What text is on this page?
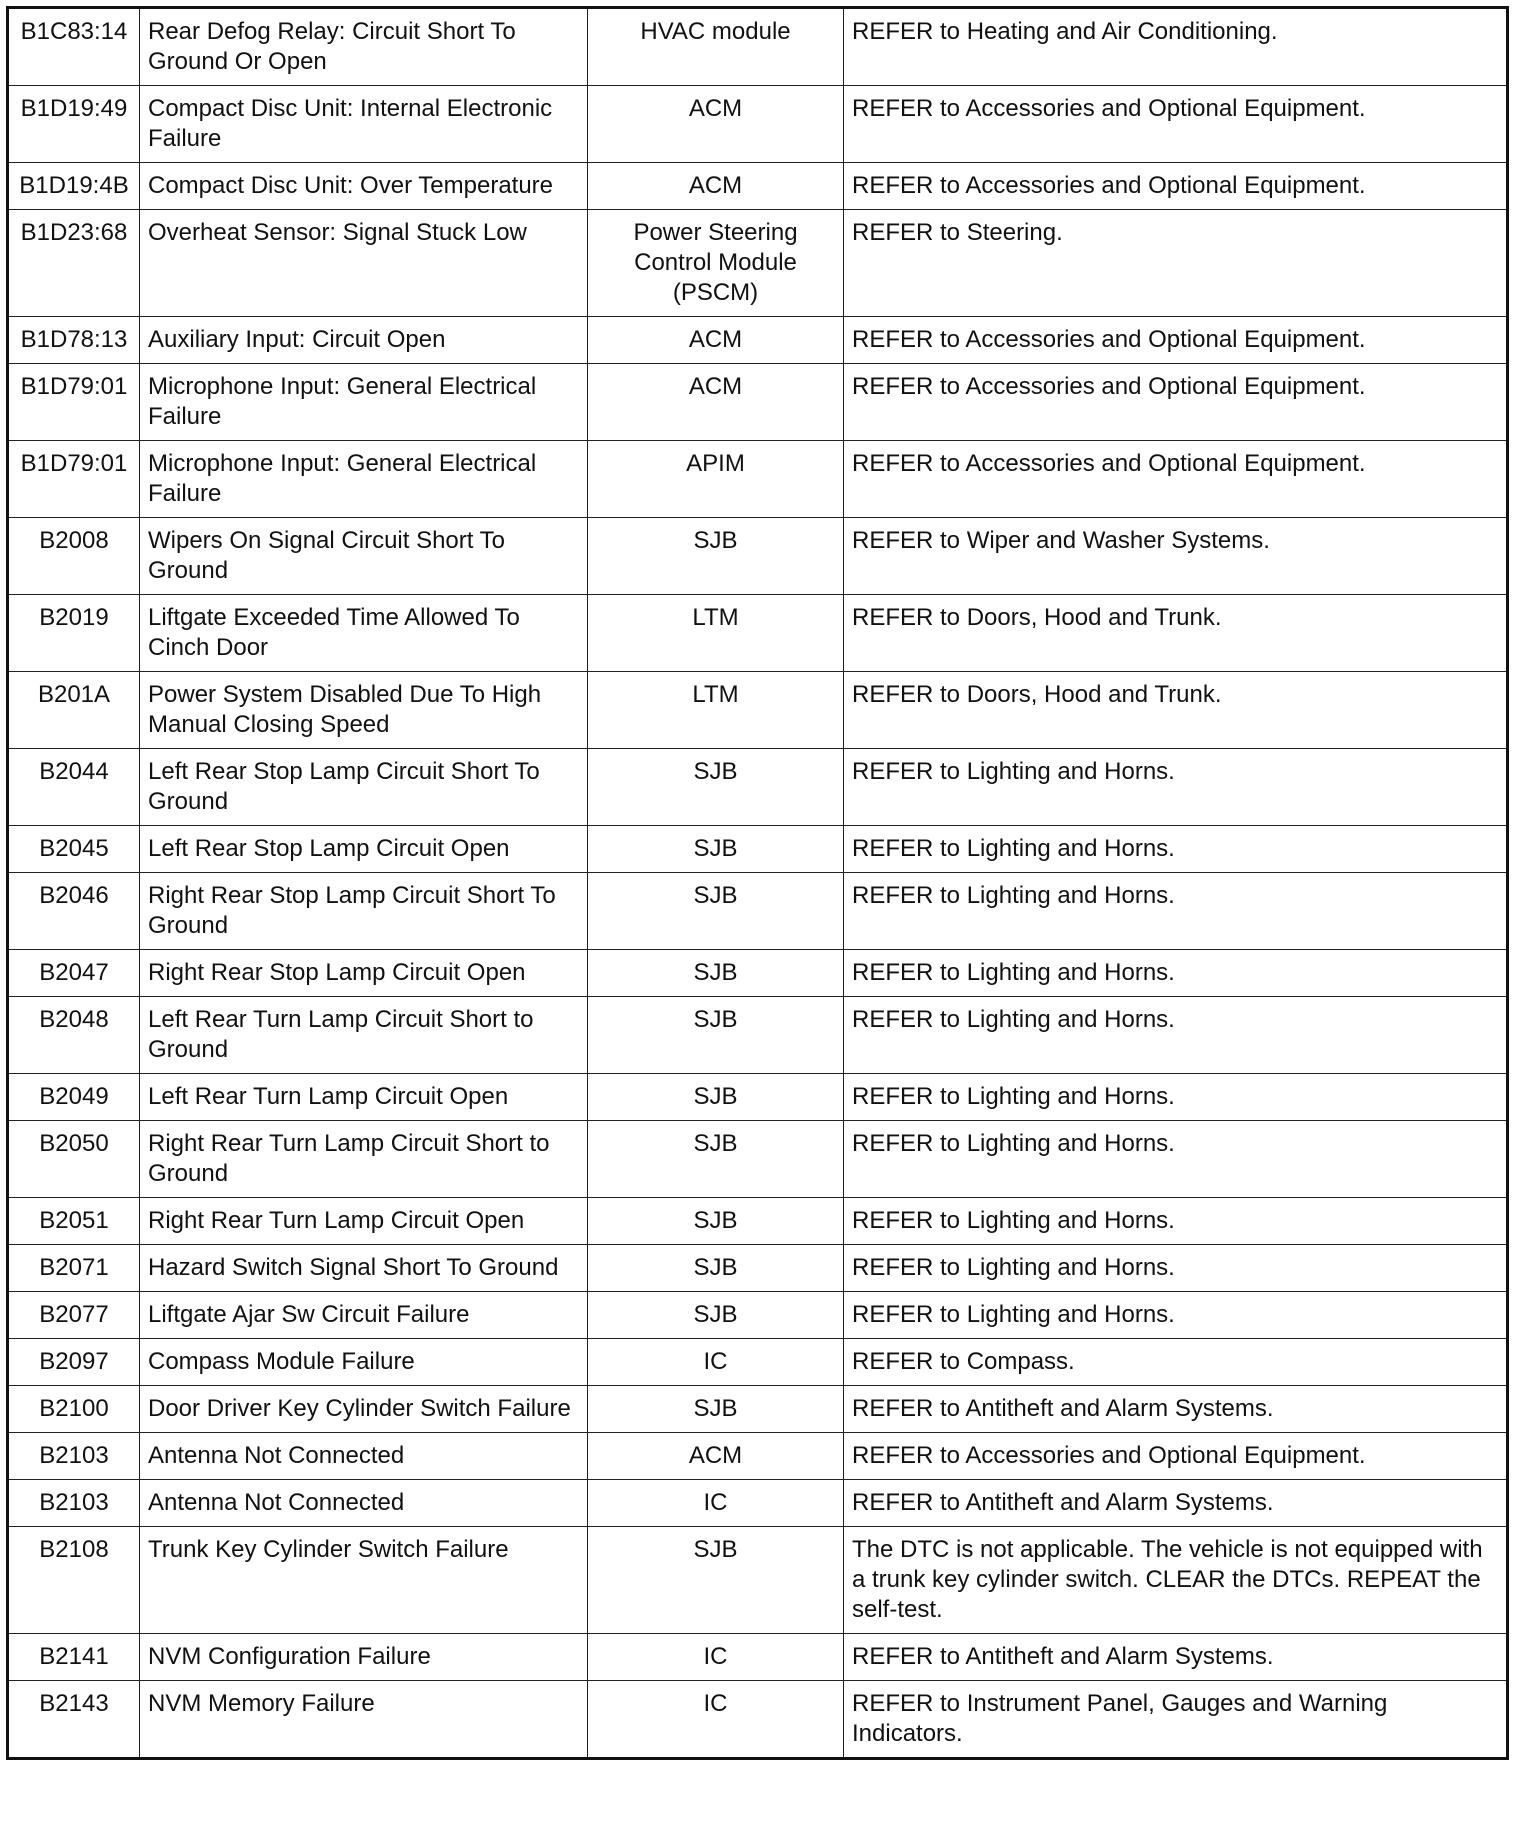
B1C83:14	Rear Defog Relay: Circuit Short To Ground Or Open	HVAC module	REFER to Heating and Air Conditioning.
B1D19:49	Compact Disc Unit: Internal Electronic Failure	ACM	REFER to Accessories and Optional Equipment.
B1D19:4B	Compact Disc Unit: Over Temperature	ACM	REFER to Accessories and Optional Equipment.
B1D23:68	Overheat Sensor: Signal Stuck Low	Power Steering Control Module (PSCM)	REFER to Steering.
B1D78:13	Auxiliary Input: Circuit Open	ACM	REFER to Accessories and Optional Equipment.
B1D79:01	Microphone Input: General Electrical Failure	ACM	REFER to Accessories and Optional Equipment.
B1D79:01	Microphone Input: General Electrical Failure	APIM	REFER to Accessories and Optional Equipment.
B2008	Wipers On Signal Circuit Short To Ground	SJB	REFER to Wiper and Washer Systems.
B2019	Liftgate Exceeded Time Allowed To Cinch Door	LTM	REFER to Doors, Hood and Trunk.
B201A	Power System Disabled Due To High Manual Closing Speed	LTM	REFER to Doors, Hood and Trunk.
B2044	Left Rear Stop Lamp Circuit Short To Ground	SJB	REFER to Lighting and Horns.
B2045	Left Rear Stop Lamp Circuit Open	SJB	REFER to Lighting and Horns.
B2046	Right Rear Stop Lamp Circuit Short To Ground	SJB	REFER to Lighting and Horns.
B2047	Right Rear Stop Lamp Circuit Open	SJB	REFER to Lighting and Horns.
B2048	Left Rear Turn Lamp Circuit Short to Ground	SJB	REFER to Lighting and Horns.
B2049	Left Rear Turn Lamp Circuit Open	SJB	REFER to Lighting and Horns.
B2050	Right Rear Turn Lamp Circuit Short to Ground	SJB	REFER to Lighting and Horns.
B2051	Right Rear Turn Lamp Circuit Open	SJB	REFER to Lighting and Horns.
B2071	Hazard Switch Signal Short To Ground	SJB	REFER to Lighting and Horns.
B2077	Liftgate Ajar Sw Circuit Failure	SJB	REFER to Lighting and Horns.
B2097	Compass Module Failure	IC	REFER to Compass.
B2100	Door Driver Key Cylinder Switch Failure	SJB	REFER to Antitheft and Alarm Systems.
B2103	Antenna Not Connected	ACM	REFER to Accessories and Optional Equipment.
B2103	Antenna Not Connected	IC	REFER to Antitheft and Alarm Systems.
B2108	Trunk Key Cylinder Switch Failure	SJB	The DTC is not applicable. The vehicle is not equipped with a trunk key cylinder switch. CLEAR the DTCs. REPEAT the self-test.
B2141	NVM Configuration Failure	IC	REFER to Antitheft and Alarm Systems.
B2143	NVM Memory Failure	IC	REFER to Instrument Panel, Gauges and Warning Indicators.
